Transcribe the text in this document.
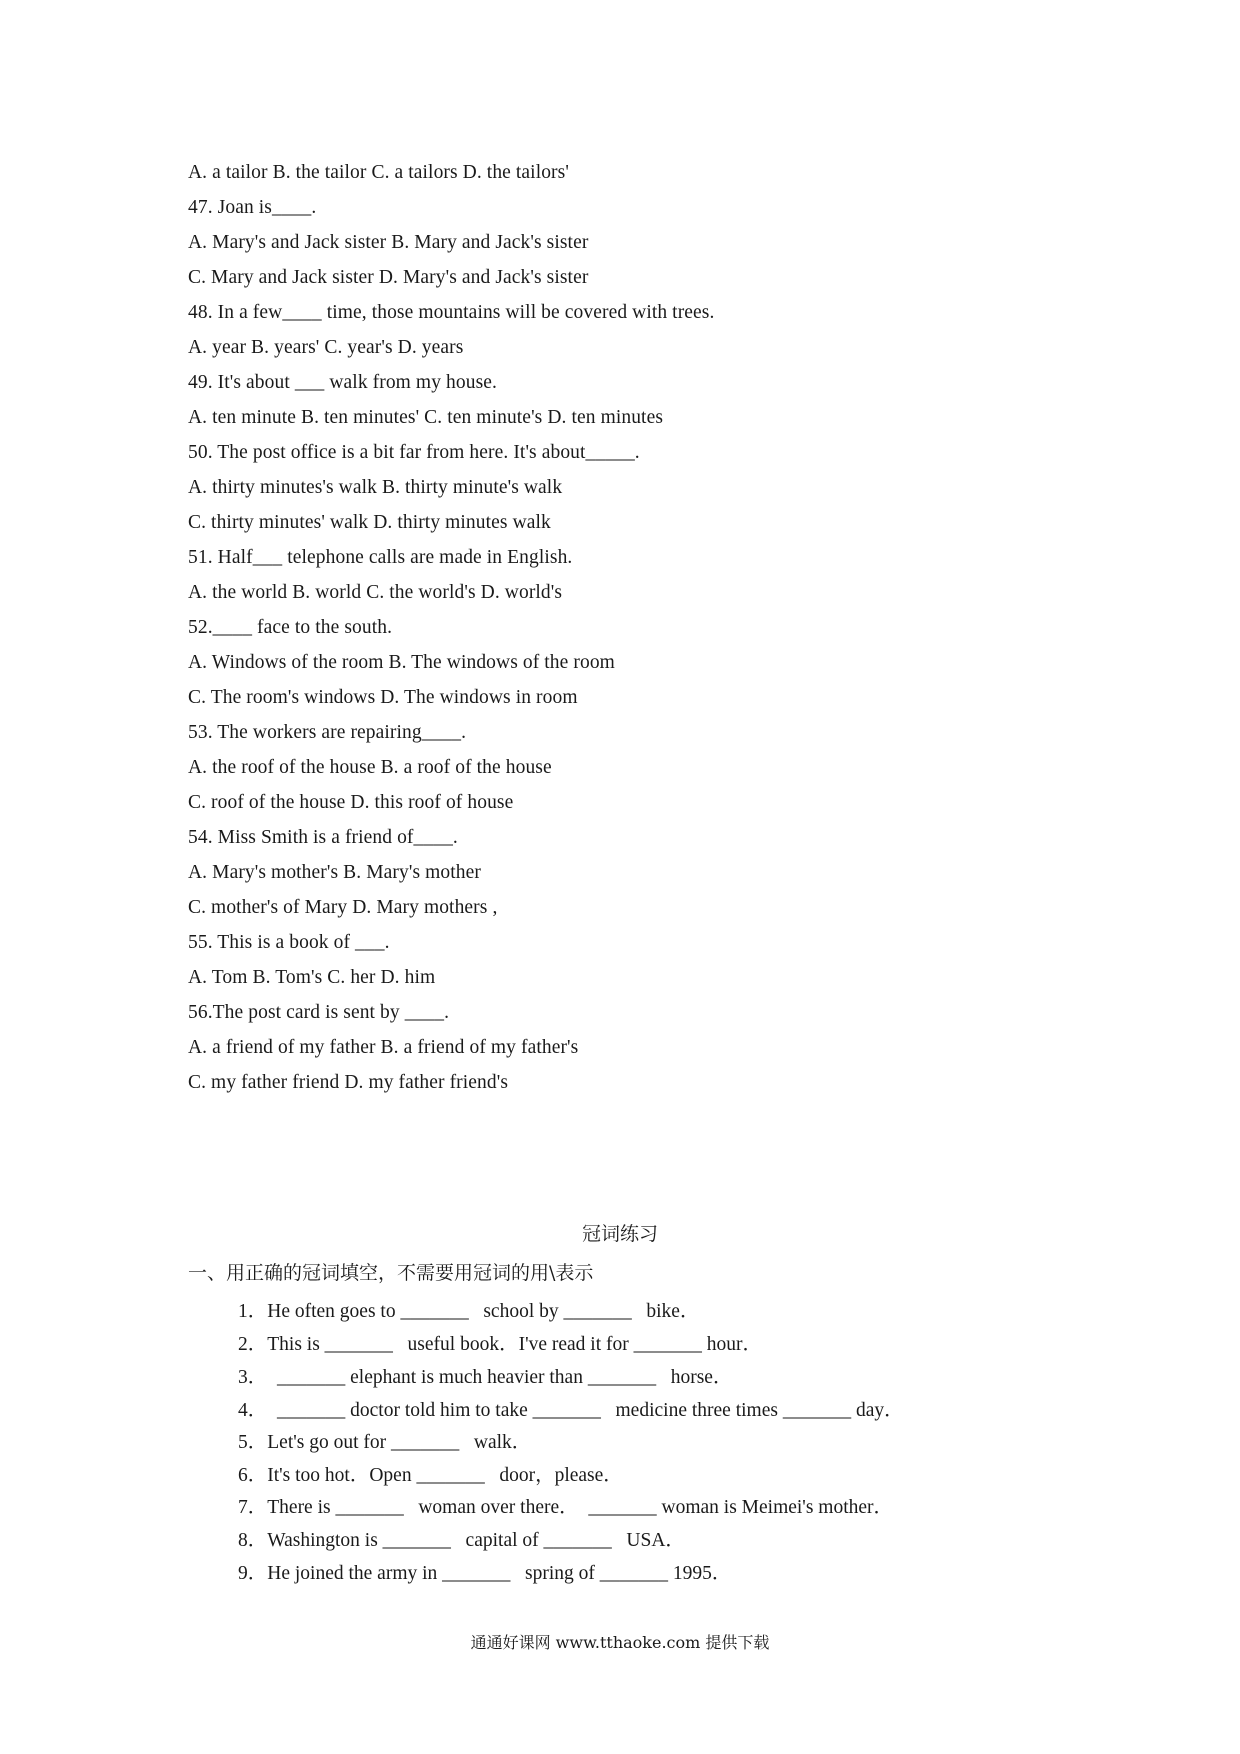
A. a tailor B. the tailor C. a tailors D. the tailors'
47. Joan is____.
A. Mary's and Jack sister B. Mary and Jack's sister
C. Mary and Jack sister D. Mary's and Jack's sister
48. In a few____ time, those mountains will be covered with trees.
A. year B. years' C. year's D. years
49. It's about ___ walk from my house.
A. ten minute B. ten minutes' C. ten minute's D. ten minutes
50. The post office is a bit far from here. It's about_____.
A. thirty minutes's walk B. thirty minute's walk
C. thirty minutes' walk D. thirty minutes walk
51. Half___ telephone calls are made in English.
A. the world B. world C. the world's D. world's
52.____ face to the south.
A. Windows of the room B. The windows of the room
C. The room's windows D. The windows in room
53. The workers are repairing____.
A. the roof of the house B. a roof of the house
C. roof of the house D. this roof of house
54. Miss Smith is a friend of____.
A. Mary's mother's B. Mary's mother
C. mother's of Mary D. Mary mothers ,
55. This is a book of ___.
A. Tom B. Tom's C. her D. him
56.The post card is sent by ____.
A. a friend of my father B. a friend of my father's
C. my father friend D. my father friend's
冠词练习
一、用正确的冠词填空，不需要用冠词的用\表示
1．He often goes to _______   school by _______   bike．
2．This is _______   useful book．I've read it for _______ hour．
3．  _______ elephant is much heavier than _______   horse．
4．  _______ doctor told him to take _______   medicine three times _______ day．
5．Let's go out for _______   walk．
6．It's too hot．Open _______   door，please．
7．There is _______   woman over there．  _______ woman is Meimei's mother．
8．Washington is _______   capital of _______   USA．
9．He joined the army in _______   spring of _______ 1995．
通通好课网 www.tthaoke.com 提供下载
